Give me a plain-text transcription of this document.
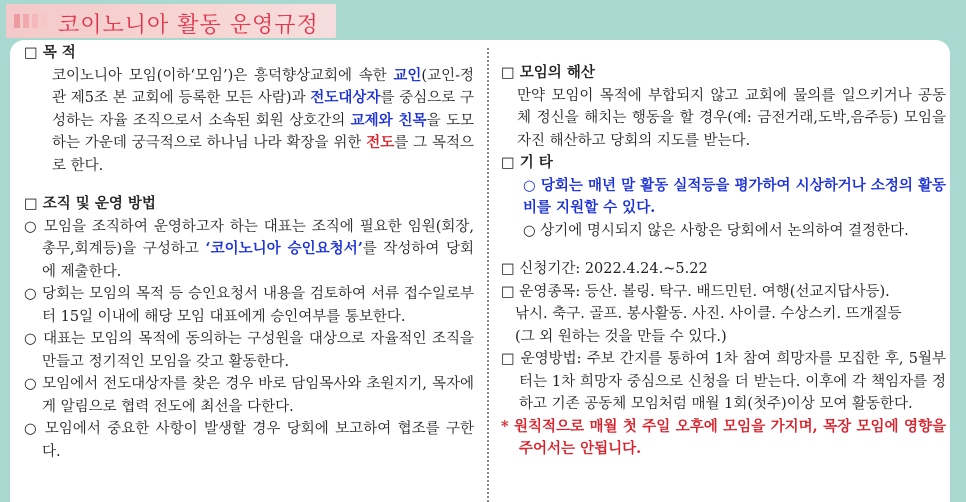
코이노니아 활동 운영규정
□ 목 적
코이노니아 모임(이하‘모임’)은 흥덕향상교회에 속한 교인(교인-정관 제5조 본 교회에 등록한 모든 사람)과 전도대상자를 중심으로 구성하는 자율 조직으로서 소속된 회원 상호간의 교제와 친목을 도모하는 가운데 궁극적으로 하나님 나라 확장을 위한 전도를 그 목적으로 한다.
□ 조직 및 운영 방법
○ 모임을 조직하여 운영하고자 하는 대표는 조직에 필요한 임원(회장,총무,회계등)을 구성하고 ‘코이노니아 승인요청서’를 작성하여 당회에 제출한다.
○ 당회는 모임의 목적 등 승인요청서 내용을 검토하여 서류 접수일로부터 15일 이내에 해당 모임 대표에게 승인여부를 통보한다.
○ 대표는 모임의 목적에 동의하는 구성원을 대상으로 자율적인 조직을 만들고 정기적인 모임을 갖고 활동한다.
○ 모임에서 전도대상자를 찾은 경우 바로 담임목사와 초원지기, 목자에게 알림으로 협력 전도에 최선을 다한다.
○ 모임에서 중요한 사항이 발생할 경우 당회에 보고하여 협조를 구한다.
□ 모임의 해산
만약 모임이 목적에 부합되지 않고 교회에 물의를 일으키거나 공동체 정신을 해치는 행동을 할 경우(예: 금전거래,도박,음주등) 모임을 자진 해산하고 당회의 지도를 받는다.
□ 기 타
○ 당회는 매년 말 활동 실적등을 평가하여 시상하거나 소정의 활동비를 지원할 수 있다.
○ 상기에 명시되지 않은 사항은 당회에서 논의하여 결정한다.
□ 신청기간: 2022.4.24.~5.22
□ 운영종목: 등산. 볼링. 탁구. 배드민턴. 여행(선교지답사등).
낚시. 축구. 골프. 봉사활동. 사진. 사이클. 수상스키. 뜨개질등
(그 외 원하는 것을 만들 수 있다.)
□ 운영방법: 주보 간지를 통하여 1차 참여 희망자를 모집한 후, 5월부터는 1차 희망자 중심으로 신청을 더 받는다. 이후에 각 책임자를 정하고 기존 공동체 모임처럼 매월 1회(첫주)이상 모여 활동한다.
* 원칙적으로 매월 첫 주일 오후에 모임을 가지며, 목장 모임에 영향을 주어서는 안됩니다.
